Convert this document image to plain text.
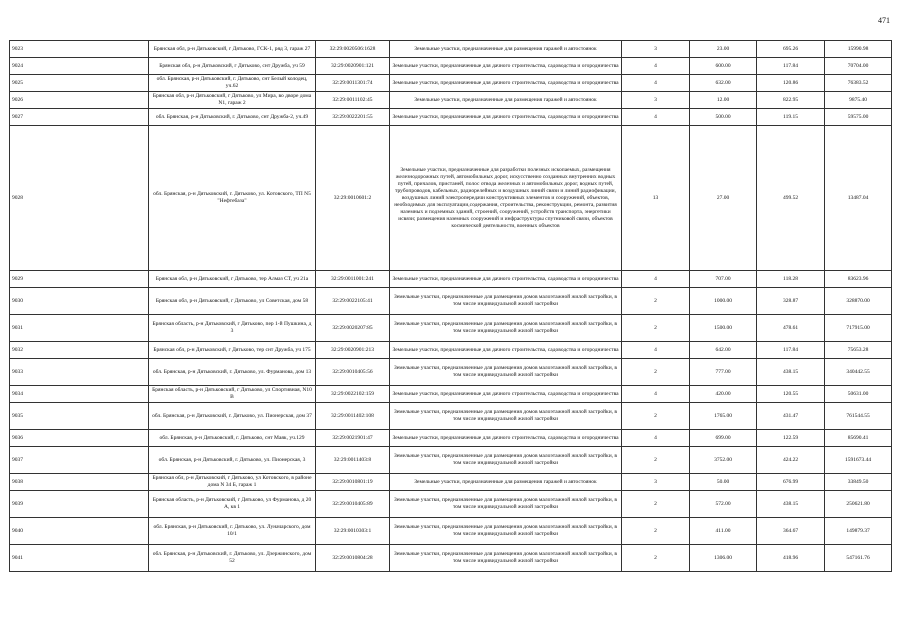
471
9023	Брянская обл, р-н Дятьковский, г Дятьково, ГСК-1, ряд 3, гараж 27	32:29:0020506:1628	Земельные участки, предназначенные для размещения гаражей и автостоянок	3	23.00	695.26	15990.98
9024	Брянская обл, р-н Дятьковский, г Дятьково, снт Дружба, уч 59	32:29:0020901:121	Земельные участки, предназначенные для дачного строительства, садоводства и огородничества	4	600.00	117.84	70704.00
9025	обл. Брянская, р-н Дятьковский, г. Дятьково, снт Белый колодец, уч.62	32:29:0011301:74	Земельные участки, предназначенные для дачного строительства, садоводства и огородничества	4	632.00	120.86	76383.52
9026	Брянская обл, р-н Дятьковский, г Дятьково, ул Мира, во дворе дома N1, гараж 2	32:29:0011102:45	Земельные участки, предназначенные для размещения гаражей и автостоянок	3	12.00	822.95	9875.40
9027	обл. Брянская, р-н Дятьковский, г. Дятьково, снт Дружба-2, уч.49	32:29:0022201:55	Земельные участки, предназначенные для дачного строительства, садоводства и огородничества	4	500.00	119.15	59575.00
9028	обл. Брянская, р-н Дятьковский, г. Дятьково, ул. Котовского, ТП N5 "Нефтебаза"	32:29:0010601:2	Земельные участки, предназначенные для разработки полезных ископаемых, размещения железнодорожных путей, автомобильных дорог, искусственно созданных внутренних водных путей, причалов, пристаней, полос отвода железных и автомобильных дорог, водных путей, трубопроводов, кабельных, радиорелейных и воздушных линий связи и линий радиофикации, воздушных линий электропередачи конструктивных элементов и сооружений, объектов, необходимых для эксплуатации,содержания, строительства, реконструкции, ремонта, развития наземных и подземных зданий, строений, сооружений, устройств транспорта, энергетики исвязи; размещения наземных сооружений и инфраструктуры спутниковой связи, объектов космической деятельности, военных объектов	13	27.00	499.52	13487.04
9029	Брянская обл, р-н Дятьковский, г Дятьково, тер Алмаз СТ, уч 21а	32:29:0011001:241	Земельные участки, предназначенные для дачного строительства, садоводства и огородничества	4	707.00	118.28	83623.96
9030	Брянская обл, р-н Дятьковский, г Дятьково, ул Советская, дом 58	32:29:0022105:41	Земельные участки, предназначенные для размещения домов малоэтажной жилой застройки, в том числе индивидуальной жилой застройки	2	1000.00	328.87	328870.00
9031	Брянская область, р-н Дятьковский, г Дятьково, пер 1-й Пушкина, д 3	32:29:0020207:85	Земельные участки, предназначенные для размещения домов малоэтажной жилой застройки, в том числе индивидуальной жилой застройки	2	1500.00	478.61	717915.00
9032	Брянская обл, р-н Дятьковский, г Дятьково, тер снт Дружба, уч 175	32:29:0020901:213	Земельные участки, предназначенные для дачного строительства, садоводства и огородничества	4	642.00	117.84	75653.28
9033	обл. Брянская, р-н Дятьковский, г. Дятьково, ул. Фурманова, дом 13	32:29:0010405:56	Земельные участки, предназначенные для размещения домов малоэтажной жилой застройки, в том числе индивидуальной жилой застройки	2	777.00	438.15	340442.55
9034	Брянская область, р-н Дятьковский, г Дятьково, ул Спортивная, N10 В	32:29:0022102:159	Земельные участки, предназначенные для дачного строительства, садоводства и огородничества	4	420.00	120.55	50631.00
9035	обл. Брянская, р-н Дятьковский, г. Дятьково, ул. Пионерская, дом 37	32:29:0011402:108	Земельные участки, предназначенные для размещения домов малоэтажной жилой застройки, в том числе индивидуальной жилой застройки	2	1765.00	431.47	761544.55
9036	обл. Брянская, р-н Дятьковский, г. Дятьково, снт Маяк, уч.129	32:29:0021901:47	Земельные участки, предназначенные для дачного строительства, садоводства и огородничества	4	699.00	122.59	85690.41
9037	обл. Брянская, р-н Дятьковский, г. Дятьково, ул. Пионерская, 3	32:29:0011403:8	Земельные участки, предназначенные для размещения домов малоэтажной жилой застройки, в том числе индивидуальной жилой застройки	2	3752.00	424.22	1591673.44
9038	Брянская обл, р-н Дятьковский, г Дятьково, ул Котовского, в районе дома N 34 Б, гараж 1	32:29:0010801:19	Земельные участки, предназначенные для размещения гаражей и автостоянок	3	50.00	676.99	33849.50
9039	Брянская область, р-н Дятьковский, г Дятьково, ул Фурманова, д 20 А, кв 1	32:29:0010405:89	Земельные участки, предназначенные для размещения домов малоэтажной жилой застройки, в том числе индивидуальной жилой застройки	2	572.00	438.15	250621.80
9040	обл. Брянская, р-н Дятьковский, г. Дятьково, ул. Луначарского, дом 10/1	32:29:0010303:1	Земельные участки, предназначенные для размещения домов малоэтажной жилой застройки, в том числе индивидуальной жилой застройки	2	411.00	364.67	149879.37
9041	обл. Брянская, р-н Дятьковский, г. Дятьково, ул. Дзержинского, дом 52	32:29:0010804:28	Земельные участки, предназначенные для размещения домов малоэтажной жилой застройки, в том числе индивидуальной жилой застройки	2	1306.00	418.96	547161.76
